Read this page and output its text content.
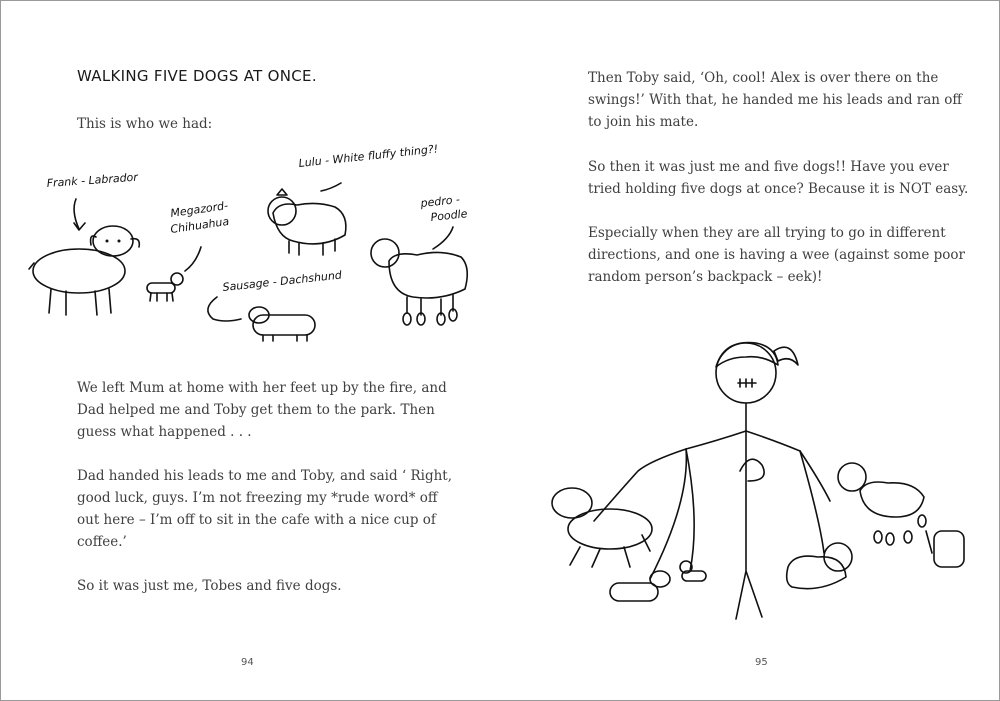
WALKING FIVE DOGS AT ONCE.
This is who we had:
Frank - Labrador
Megazord-
Chihuahua
Lulu - White fluffy thing?!
pedro -
Poodle
Sausage - Dachshund
We left Mum at home with her feet up by the fire, and
Dad helped me and Toby get them to the park. Then
guess what happened . . .
Dad handed his leads to me and Toby, and said ‘ Right,
good luck, guys. I’m not freezing my *rude word* off
out here – I’m off to sit in the cafe with a nice cup of
coffee.’
So it was just me, Tobes and five dogs.
94
Then Toby said, ‘Oh, cool! Alex is over there on the
swings!’ With that, he handed me his leads and ran off
to join his mate.
So then it was just me and five dogs!! Have you ever
tried holding five dogs at once? Because it is NOT easy.
Especially when they are all trying to go in different
directions, and one is having a wee (against some poor
random person’s backpack – eek)!
95
